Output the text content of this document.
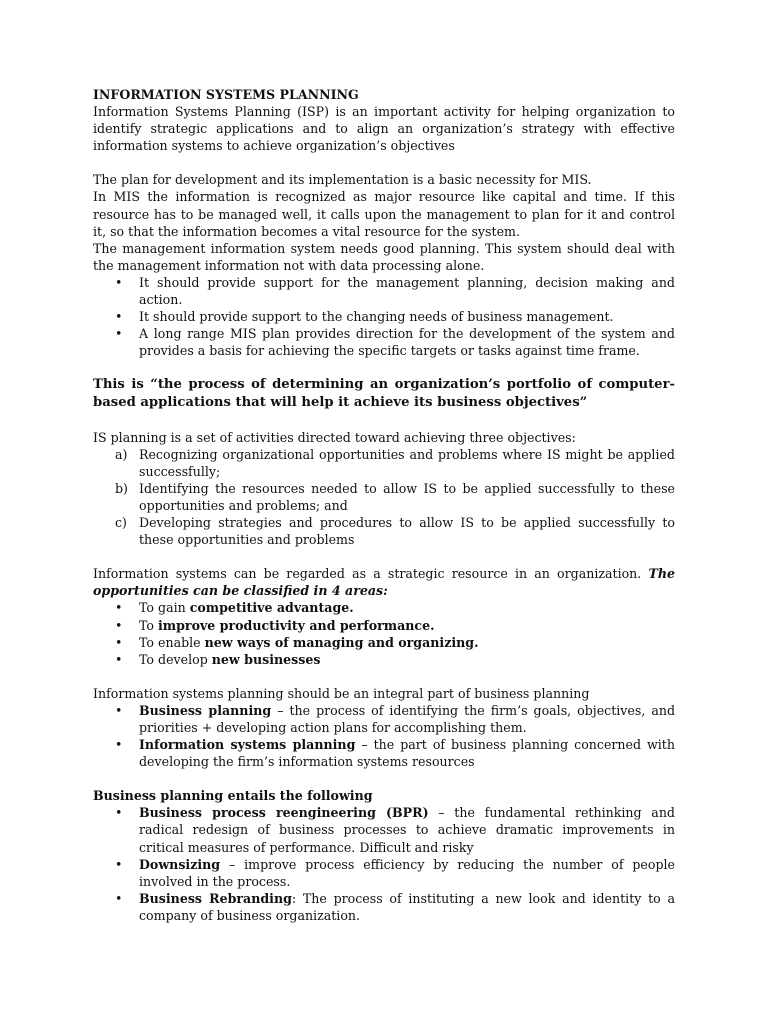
INFORMATION SYSTEMS PLANNING

Information Systems Planning (ISP) is an important activity for helping organization to identify strategic applications and to align an organization’s strategy with effective information systems to achieve organization’s objectives

The plan for development and its implementation is a basic necessity for MIS.

In MIS the information is recognized as major resource like capital and time. If this resource has to be managed well, it calls upon the management to plan for it and control it, so that the information becomes a vital resource for the system.

The management information system needs good planning. This system should deal with the management information not with data processing alone.

•	It should provide support for the management planning, decision making and action.
•	It should provide support to the changing needs of business management.
•	A long range MIS plan provides direction for the development of the system and provides a basis for achieving the specific targets or tasks against time frame.

This is “the process of determining an organization’s portfolio of computer-based applications that will help it achieve its business objectives”

IS planning is a set of activities directed toward achieving three objectives:

a) Recognizing organizational opportunities and problems where IS might be applied successfully;
b) Identifying the resources needed to allow IS to be applied successfully to these opportunities and problems; and
c) Developing strategies and procedures to allow IS to be applied successfully to these opportunities and problems

Information systems can be regarded as a strategic resource in an organization. The opportunities can be classified in 4 areas:

•	To gain competitive advantage.
•	To improve productivity and performance.
•	To enable new ways of managing and organizing.
•	To develop new businesses

Information systems planning should be an integral part of business planning

•	Business planning – the process of identifying the firm’s goals, objectives, and priorities + developing action plans for accomplishing them.
•	Information systems planning – the part of business planning concerned with developing the firm’s information systems resources

Business planning entails the following

•	Business process reengineering (BPR) – the fundamental rethinking and radical redesign of business processes to achieve dramatic improvements in critical measures of performance. Difficult and risky
•	Downsizing – improve process efficiency by reducing the number of people involved in the process.
•	Business Rebranding: The process of instituting a new look and identity to a company of business organization.
